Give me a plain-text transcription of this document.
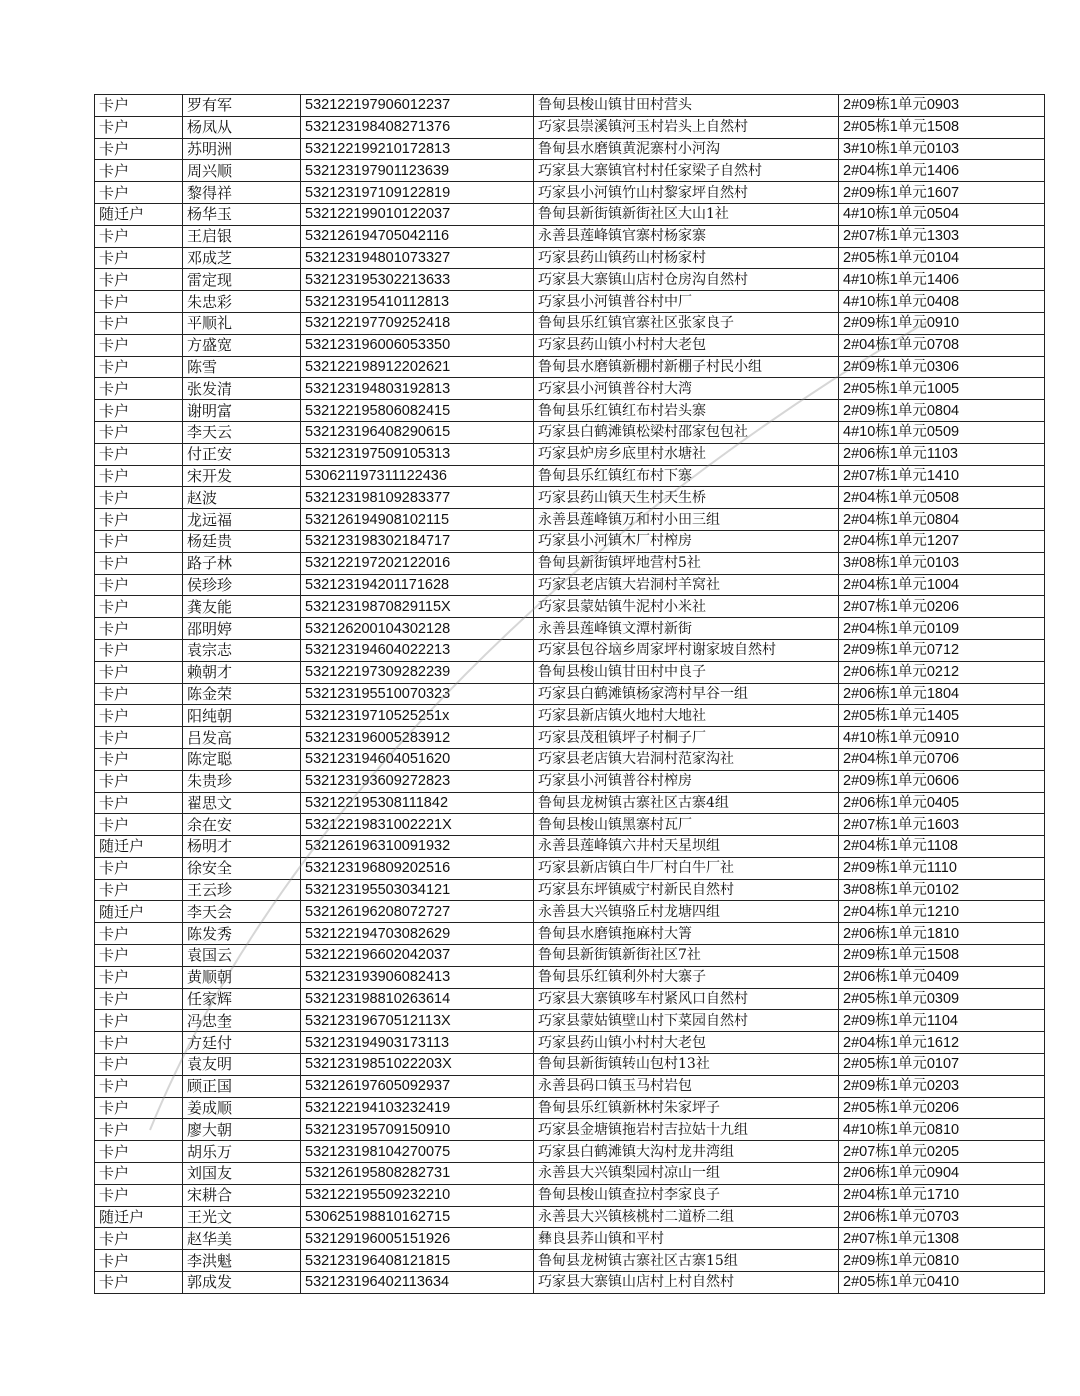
卡户	罗有军	532122197906012237	鲁甸县梭山镇甘田村营头	2#09栋1单元0903
卡户	杨凤从	532123198408271376	巧家县崇溪镇河玉村岩头上自然村	2#05栋1单元1508
卡户	苏明洲	532122199210172813	鲁甸县水磨镇黄泥寨村小河沟	3#10栋1单元0103
卡户	周兴顺	532123197901123639	巧家县大寨镇官村村任家梁子自然村	2#04栋1单元1406
卡户	黎得祥	532123197109122819	巧家县小河镇竹山村黎家坪自然村	2#09栋1单元1607
随迁户	杨华玉	532122199010122037	鲁甸县新街镇新街社区大山1社	4#10栋1单元0504
卡户	王启银	532126194705042116	永善县莲峰镇官寨村杨家寨	2#07栋1单元1303
卡户	邓成芝	532123194801073327	巧家县药山镇药山村杨家村	2#05栋1单元0104
卡户	雷定现	532123195302213633	巧家县大寨镇山店村仓房沟自然村	4#10栋1单元1406
卡户	朱忠彩	532123195410112813	巧家县小河镇普谷村中厂	4#10栋1单元0408
卡户	平顺礼	532122197709252418	鲁甸县乐红镇官寨社区张家良子	2#09栋1单元0910
卡户	方盛宽	532123196006053350	巧家县药山镇小村村大老包	2#04栋1单元0708
卡户	陈雪	532122198912202621	鲁甸县水磨镇新棚村新棚子村民小组	2#09栋1单元0306
卡户	张发清	532123194803192813	巧家县小河镇普谷村大湾	2#05栋1单元1005
卡户	谢明富	532122195806082415	鲁甸县乐红镇红布村岩头寨	2#09栋1单元0804
卡户	李天云	532123196408290615	巧家县白鹤滩镇松梁村邵家包包社	4#10栋1单元0509
卡户	付正安	532123197509105313	巧家县炉房乡底里村水塘社	2#06栋1单元1103
卡户	宋开发	530621197311122436	鲁甸县乐红镇红布村下寨	2#07栋1单元1410
卡户	赵波	532123198109283377	巧家县药山镇天生村天生桥	2#04栋1单元0508
卡户	龙远福	532126194908102115	永善县莲峰镇万和村小田三组	2#04栋1单元0804
卡户	杨廷贵	532123198302184717	巧家县小河镇木厂村榨房	2#04栋1单元1207
卡户	路子林	532122197202122016	鲁甸县新街镇坪地营村5社	3#08栋1单元0103
卡户	侯珍珍	532123194201171628	巧家县老店镇大岩洞村羊窝社	2#04栋1单元1004
卡户	龚友能	53212319870829115X	巧家县蒙姑镇牛泥村小米社	2#07栋1单元0206
卡户	邵明婷	532126200104302128	永善县莲峰镇文潭村新街	2#04栋1单元0109
卡户	袁宗志	532123194604022213	巧家县包谷垴乡周家坪村谢家坡自然村	2#09栋1单元0712
卡户	赖朝才	532122197309282239	鲁甸县梭山镇甘田村中良子	2#06栋1单元0212
卡户	陈金荣	532123195510070323	巧家县白鹤滩镇杨家湾村早谷一组	2#06栋1单元1804
卡户	阳纯朝	53212319710525251x	巧家县新店镇火地村大地社	2#05栋1单元1405
卡户	吕发高	532123196005283912	巧家县茂租镇坪子村桐子厂	4#10栋1单元0910
卡户	陈定聪	532123194604051620	巧家县老店镇大岩洞村范家沟社	2#04栋1单元0706
卡户	朱贵珍	532123193609272823	巧家县小河镇普谷村榨房	2#09栋1单元0606
卡户	翟思文	532122195308111842	鲁甸县龙树镇古寨社区古寨4组	2#06栋1单元0405
卡户	余在安	53212219831002221X	鲁甸县梭山镇黑寨村瓦厂	2#07栋1单元1603
随迁户	杨明才	532126196310091932	永善县莲峰镇六井村天星坝组	2#04栋1单元1108
卡户	徐安全	532123196809202516	巧家县新店镇白牛厂村白牛厂社	2#09栋1单元1110
卡户	王云珍	532123195503034121	巧家县东坪镇威宁村新民自然村	3#08栋1单元0102
随迁户	李天会	532126196208072727	永善县大兴镇骆丘村龙塘四组	2#04栋1单元1210
卡户	陈发秀	532122194703082629	鲁甸县水磨镇拖麻村大箐	2#06栋1单元1810
卡户	袁国云	532122196602042037	鲁甸县新街镇新街社区7社	2#09栋1单元1508
卡户	黄顺朝	532123193906082413	鲁甸县乐红镇利外村大寨子	2#06栋1单元0409
卡户	任家辉	532123198810263614	巧家县大寨镇哆车村紧风口自然村	2#05栋1单元0309
卡户	冯忠奎	53212319670512113X	巧家县蒙姑镇壁山村下菜园自然村	2#09栋1单元1104
卡户	方廷付	532123194903173113	巧家县药山镇小村村大老包	2#04栋1单元1612
卡户	袁友明	53212319851022203X	鲁甸县新街镇转山包村13社	2#05栋1单元0107
卡户	顾正国	532126197605092937	永善县码口镇玉马村岩包	2#09栋1单元0203
卡户	姜成顺	532122194103232419	鲁甸县乐红镇新林村朱家坪子	2#05栋1单元0206
卡户	廖大朝	532123195709150910	巧家县金塘镇拖岩村吉拉姑十九组	4#10栋1单元0810
卡户	胡乐万	532123198104270075	巧家县白鹤滩镇大沟村龙井湾组	2#07栋1单元0205
卡户	刘国友	532126195808282731	永善县大兴镇梨园村凉山一组	2#06栋1单元0904
卡户	宋耕合	532122195509232210	鲁甸县梭山镇查拉村李家良子	2#04栋1单元1710
随迁户	王光文	530625198810162715	永善县大兴镇核桃村二道桥二组	2#06栋1单元0703
卡户	赵华美	532129196005151926	彝良县荞山镇和平村	2#07栋1单元1308
卡户	李洪魁	532123196408121815	鲁甸县龙树镇古寨社区古寨15组	2#09栋1单元0810
卡户	郭成发	532123196402113634	巧家县大寨镇山店村上村自然村	2#05栋1单元0410
